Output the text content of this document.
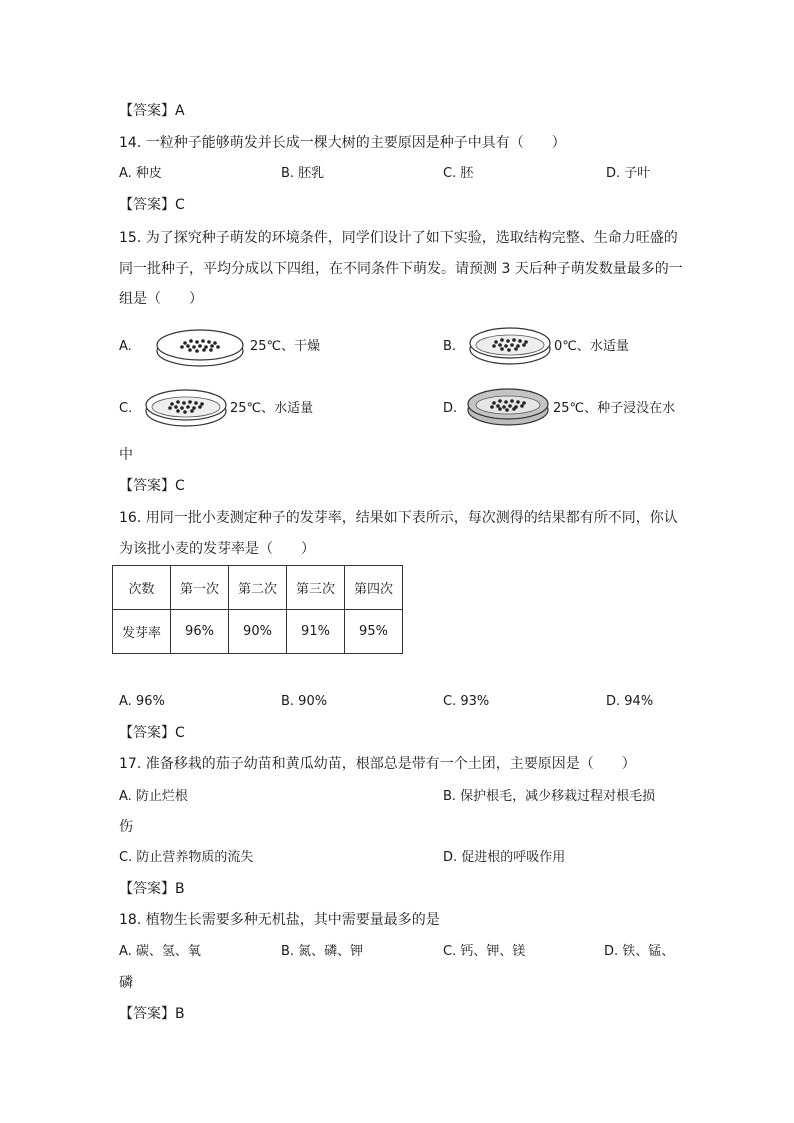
【答案】A
14. 一粒种子能够萌发并长成一棵大树的主要原因是种子中具有（　　）
A. 种皮	B. 胚乳	C. 胚	D. 子叶
【答案】C
15. 为了探究种子萌发的环境条件，同学们设计了如下实验，选取结构完整、生命力旺盛的
同一批种子，平均分成以下四组，在不同条件下萌发。请预测 3 天后种子萌发数量最多的一
组是（　　）
A.	25℃、干燥	B.	0℃、水适量
C.	25℃、水适量	D.	25℃、种子浸没在水
中
【答案】C
16. 用同一批小麦测定种子的发芽率，结果如下表所示，每次测得的结果都有所不同，你认
为该批小麦的发芽率是（　　）
次数	第一次	第二次	第三次	第四次
发芽率	96%	90%	91%	95%
A. 96%	B. 90%	C. 93%	D. 94%
【答案】C
17. 准备移栽的茄子幼苗和黄瓜幼苗，根部总是带有一个土团，主要原因是（　　）
A. 防止烂根	B. 保护根毛，减少移栽过程对根毛损
伤
C. 防止营养物质的流失	D. 促进根的呼吸作用
【答案】B
18. 植物生长需要多种无机盐，其中需要量最多的是
A. 碳、氢、氧	B. 氮、磷、钾	C. 钙、钾、镁	D. 铁、锰、
磷
【答案】B
